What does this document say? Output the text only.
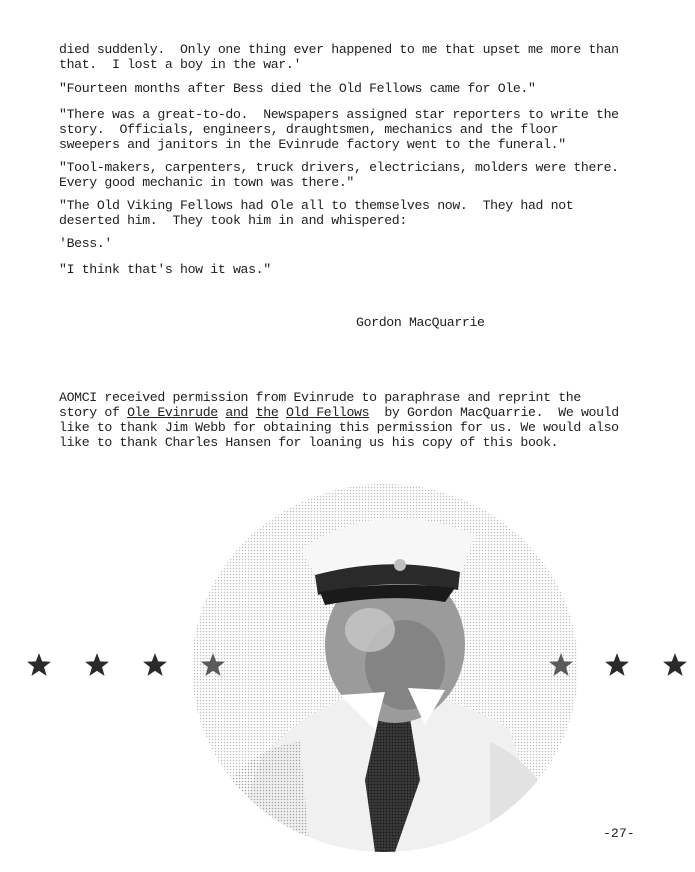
died suddenly.  Only one thing ever happened to me that upset me more than that.  I lost a boy in the war.'

"Fourteen months after Bess died the Old Fellows came for Ole."

"There was a great-to-do.  Newspapers assigned star reporters to write the story.  Officials, engineers, draughtsmen, mechanics and the floor sweepers and janitors in the Evinrude factory went to the funeral."

"Tool-makers, carpenters, truck drivers, electricians, molders were there.  Every good mechanic in town was there."

"The Old Viking Fellows had Ole all to themselves now.  They had not deserted him.  They took him in and whispered:

'Bess.'

"I think that's how it was."

Gordon MacQuarrie

AOMCI received permission from Evinrude to paraphrase and reprint the story of Ole Evinrude and the Old Fellows  by Gordon MacQuarrie.  We would like to thank Jim Webb for obtaining this permission for us. We would also like to thank Charles Hansen for loaning us his copy of this book.

-27-
